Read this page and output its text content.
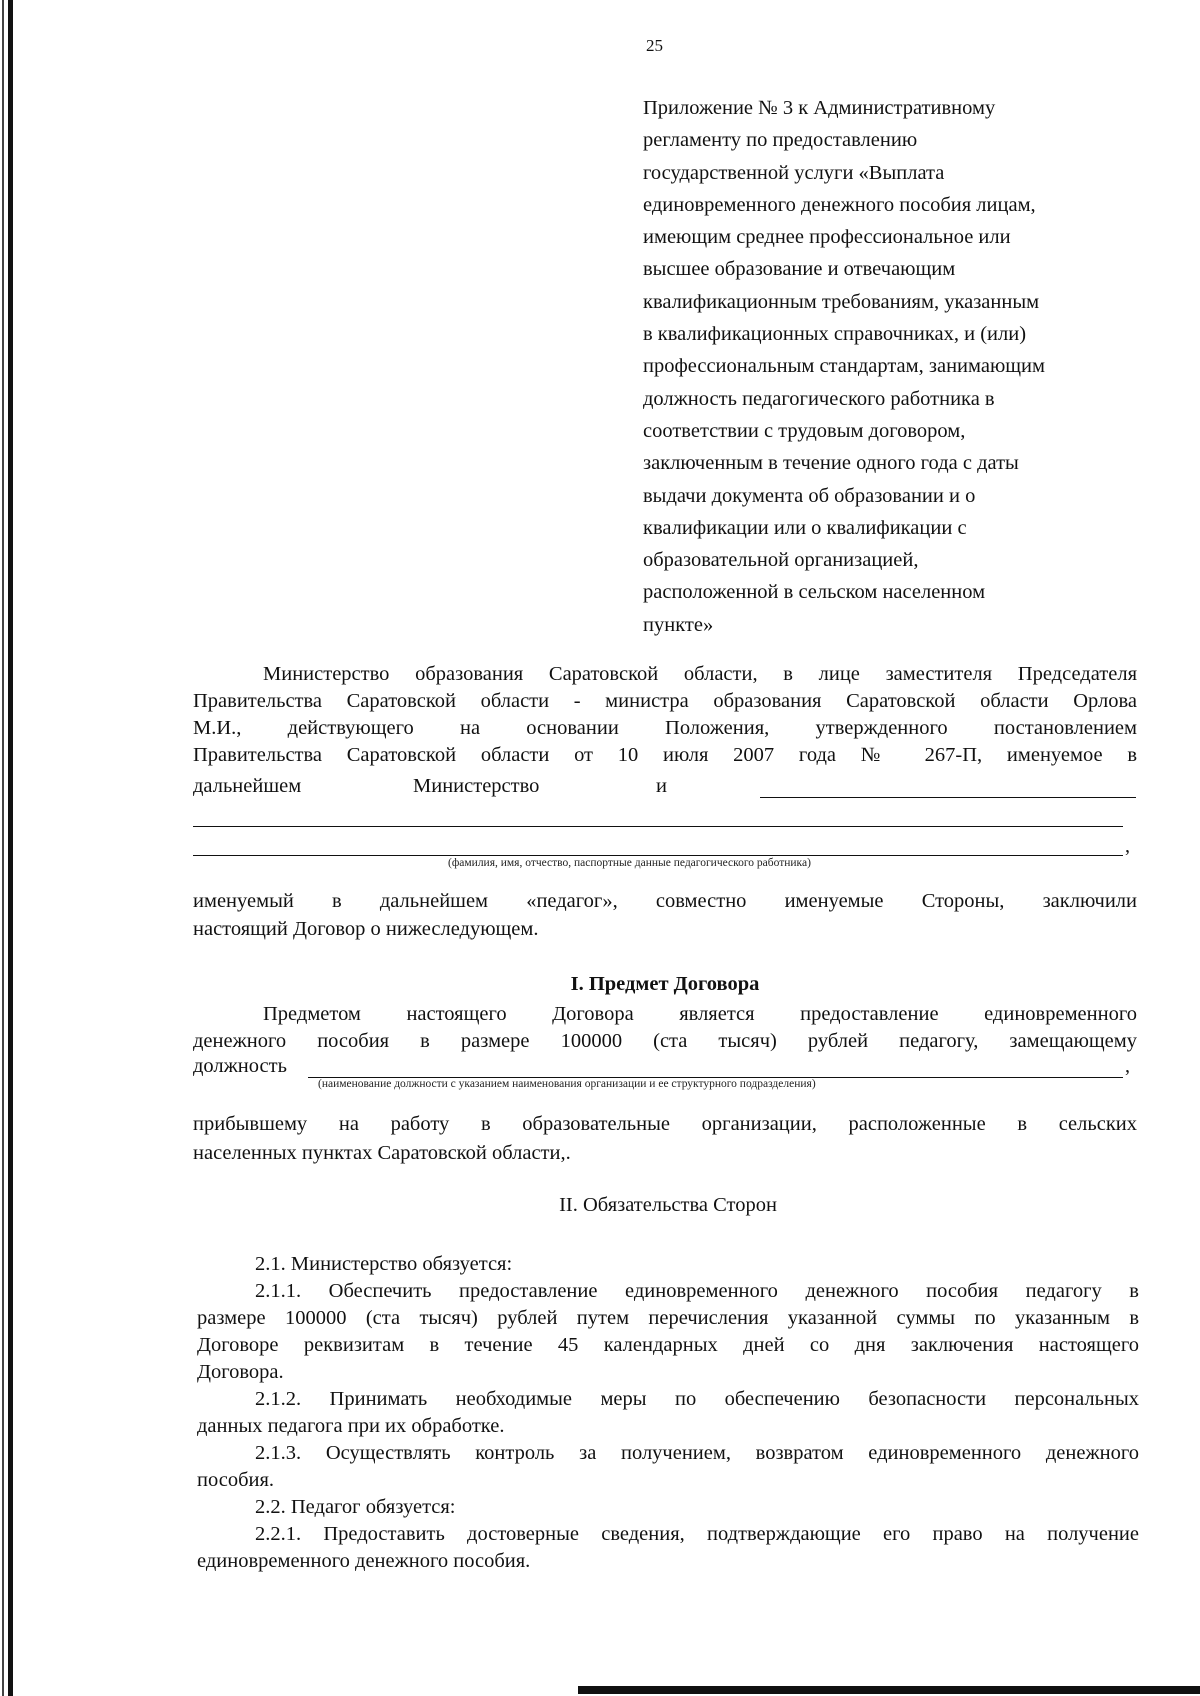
25
Приложение № 3 к Административному
регламенту по предоставлению
государственной услуги «Выплата
единовременного денежного пособия лицам,
имеющим среднее профессиональное или
высшее образование и отвечающим
квалификационным требованиям, указанным
в квалификационных справочниках, и (или)
профессиональным стандартам, занимающим
должность педагогического работника в
соответствии с трудовым договором,
заключенным в течение одного года с даты
выдачи документа об образовании и о
квалификации или о квалификации с
образовательной организацией,
расположенной в сельском населенном
пункте»
Министерство образования Саратовской области, в лице заместителя Председателя
Правительства Саратовской области - министра образования Саратовской области Орлова
М.И., действующего на основании Положения, утвержденного постановлением
Правительства Саратовской области от 10 июля 2007 года № 267-П, именуемое в
дальнейшем	Министерство	и
,
(фамилия, имя, отчество, паспортные данные педагогического работника)
именуемый в дальнейшем «педагог», совместно именуемые Стороны, заключили
настоящий Договор о нижеследующем.
I. Предмет Договора
Предметом настоящего Договора является предоставление единовременного
денежного пособия в размере 100000 (ста тысяч) рублей педагогу, замещающему
должность	,
(наименование должности с указанием наименования организации и ее структурного подразделения)
прибывшему на работу в образовательные организации, расположенные в сельских
населенных пунктах Саратовской области,.
II. Обязательства Сторон
2.1. Министерство обязуется:
2.1.1. Обеспечить предоставление единовременного денежного пособия педагогу в
размере 100000 (ста тысяч) рублей путем перечисления указанной суммы по указанным в
Договоре реквизитам в течение 45 календарных дней со дня заключения настоящего
Договора.
2.1.2. Принимать необходимые меры по обеспечению безопасности персональных
данных педагога при их обработке.
2.1.3. Осуществлять контроль за получением, возвратом единовременного денежного
пособия.
2.2. Педагог обязуется:
2.2.1. Предоставить достоверные сведения, подтверждающие его право на получение
единовременного денежного пособия.
